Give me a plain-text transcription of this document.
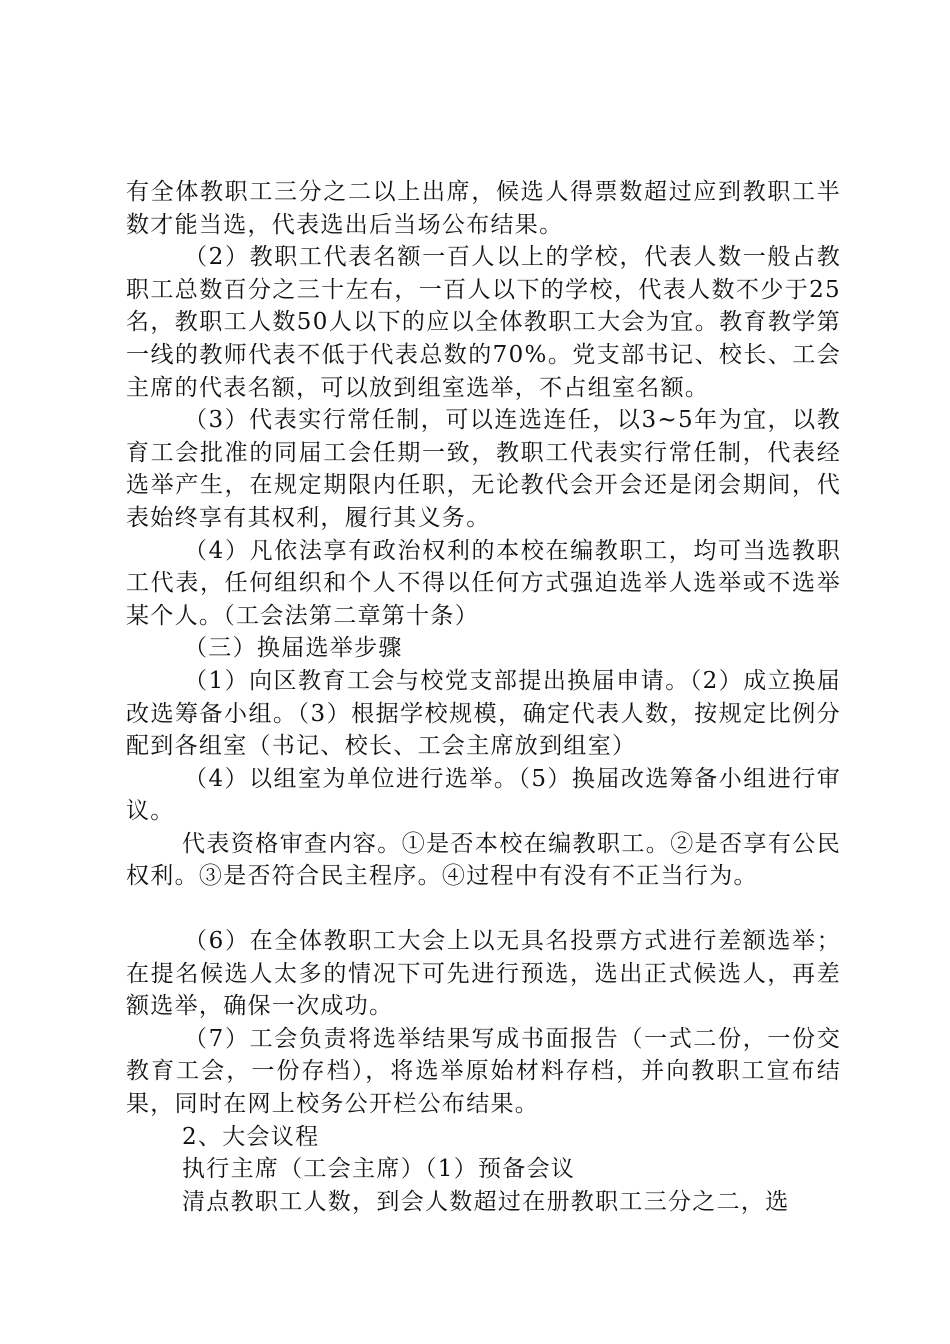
有全体教职工三分之二以上出席，候选人得票数超过应到教职工半数才能当选，代表选出后当场公布结果。

（2）教职工代表名额一百人以上的学校，代表人数一般占教职工总数百分之三十左右，一百人以下的学校，代表人数不少于25名，教职工人数50人以下的应以全体教职工大会为宜。教育教学第一线的教师代表不低于代表总数的70%。党支部书记、校长、工会主席的代表名额，可以放到组室选举，不占组室名额。

（3）代表实行常任制，可以连选连任，以3~5年为宜，以教育工会批准的同届工会任期一致，教职工代表实行常任制，代表经选举产生，在规定期限内任职，无论教代会开会还是闭会期间，代表始终享有其权利，履行其义务。

（4）凡依法享有政治权利的本校在编教职工，均可当选教职工代表，任何组织和个人不得以任何方式强迫选举人选举或不选举某个人。（工会法第二章第十条）

（三）换届选举步骤

（1）向区教育工会与校党支部提出换届申请。（2）成立换届改选筹备小组。（3）根据学校规模，确定代表人数，按规定比例分配到各组室（书记、校长、工会主席放到组室）

（4）以组室为单位进行选举。（5）换届改选筹备小组进行审议。

代表资格审查内容。①是否本校在编教职工。②是否享有公民权利。③是否符合民主程序。④过程中有没有不正当行为。

（6）在全体教职工大会上以无具名投票方式进行差额选举；在提名候选人太多的情况下可先进行预选，选出正式候选人，再差额选举，确保一次成功。

（7）工会负责将选举结果写成书面报告（一式二份，一份交教育工会，一份存档），将选举原始材料存档，并向教职工宣布结果，同时在网上校务公开栏公布结果。

2、大会议程

执行主席（工会主席）（1）预备会议

清点教职工人数，到会人数超过在册教职工三分之二，选
